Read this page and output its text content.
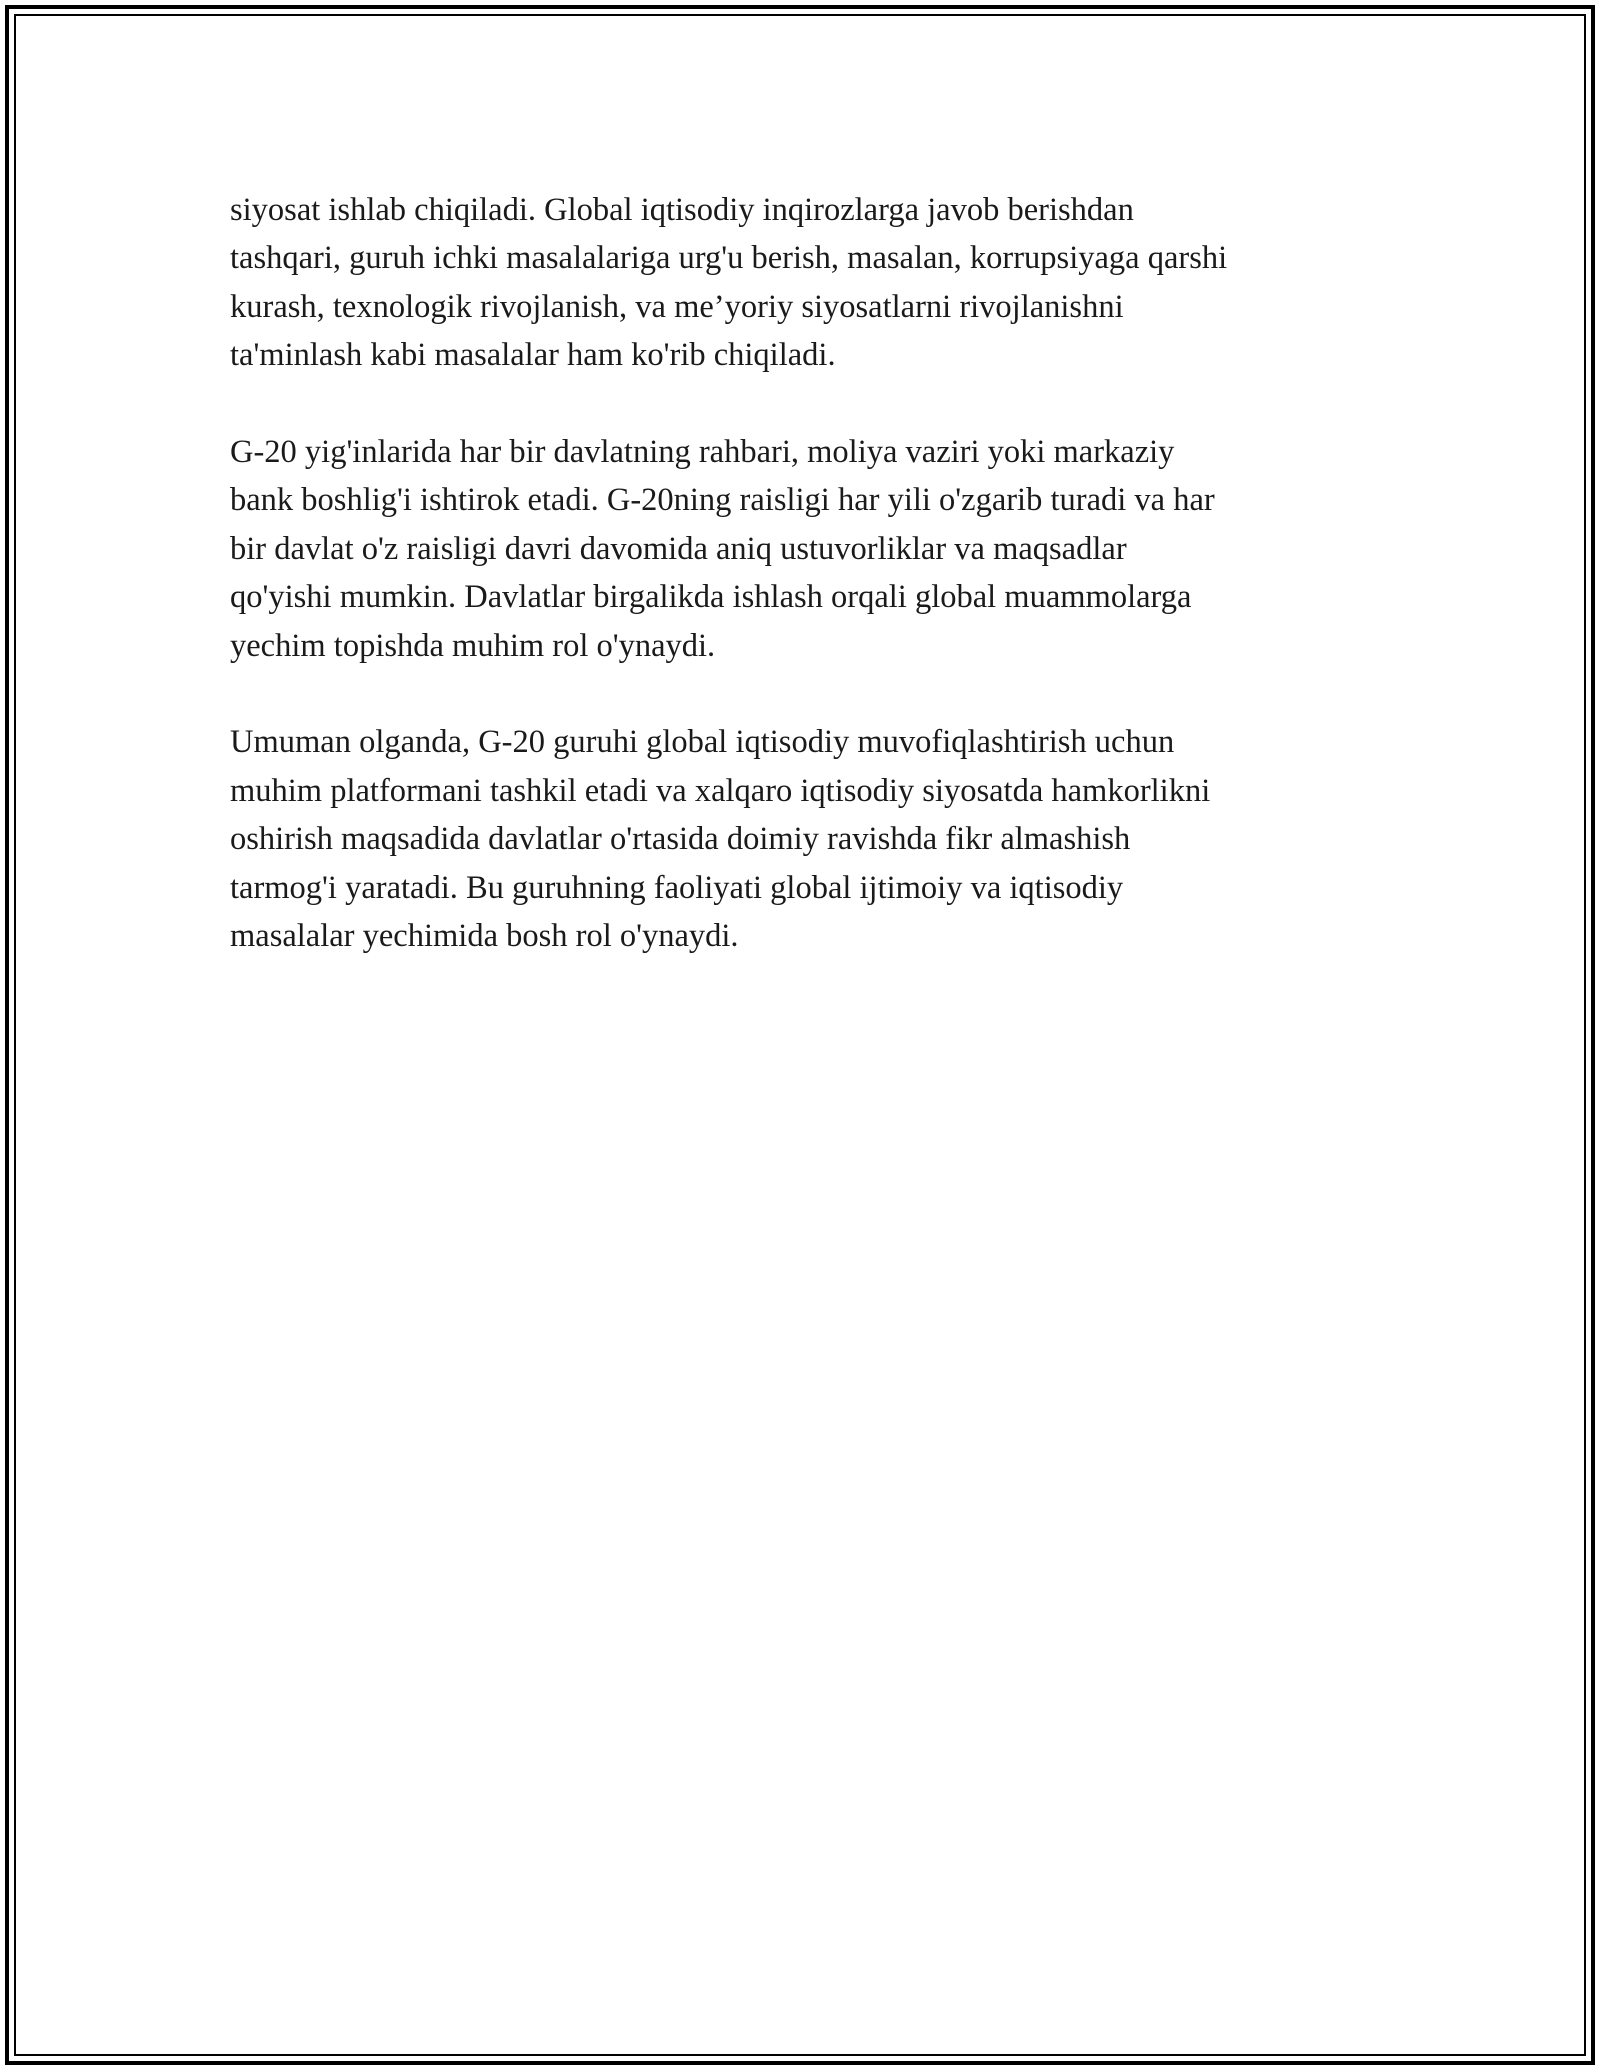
siyosat ishlab chiqiladi. Global iqtisodiy inqirozlarga javob berishdan
tashqari, guruh ichki masalalariga urg'u berish, masalan, korrupsiyaga qarshi
kurash, texnologik rivojlanish, va me’yoriy siyosatlarni rivojlanishni
ta'minlash kabi masalalar ham ko'rib chiqiladi.

G-20 yig'inlarida har bir davlatning rahbari, moliya vaziri yoki markaziy
bank boshlig'i ishtirok etadi. G-20ning raisligi har yili o'zgarib turadi va har
bir davlat o'z raisligi davri davomida aniq ustuvorliklar va maqsadlar
qo'yishi mumkin. Davlatlar birgalikda ishlash orqali global muammolarga
yechim topishda muhim rol o'ynaydi.

Umuman olganda, G-20 guruhi global iqtisodiy muvofiqlashtirish uchun
muhim platformani tashkil etadi va xalqaro iqtisodiy siyosatda hamkorlikni
oshirish maqsadida davlatlar o'rtasida doimiy ravishda fikr almashish
tarmog'i yaratadi. Bu guruhning faoliyati global ijtimoiy va iqtisodiy
masalalar yechimida bosh rol o'ynaydi.
